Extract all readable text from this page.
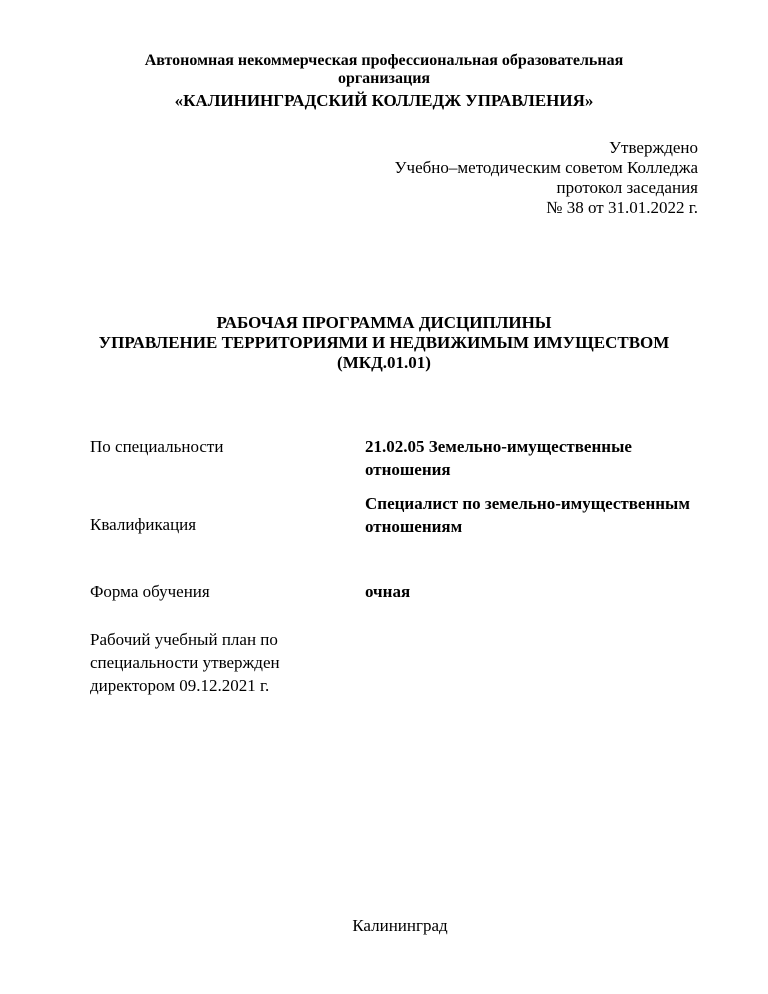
Автономная некоммерческая профессиональная образовательная
организация
«КАЛИНИНГРАДСКИЙ КОЛЛЕДЖ УПРАВЛЕНИЯ»
Утверждено
Учебно–методическим советом Колледжа
протокол заседания
№ 38 от 31.01.2022 г.
РАБОЧАЯ ПРОГРАММА ДИСЦИПЛИНЫ
УПРАВЛЕНИЕ ТЕРРИТОРИЯМИ И НЕДВИЖИМЫМ ИМУЩЕСТВОМ
(МКД.01.01)
По специальности	21.02.05 Земельно-имущественные
отношения
Специалист по земельно-имущественным
отношениям
Квалификация
Форма обучения	очная
Рабочий учебный план по
специальности утвержден
директором 09.12.2021 г.
Калининград
